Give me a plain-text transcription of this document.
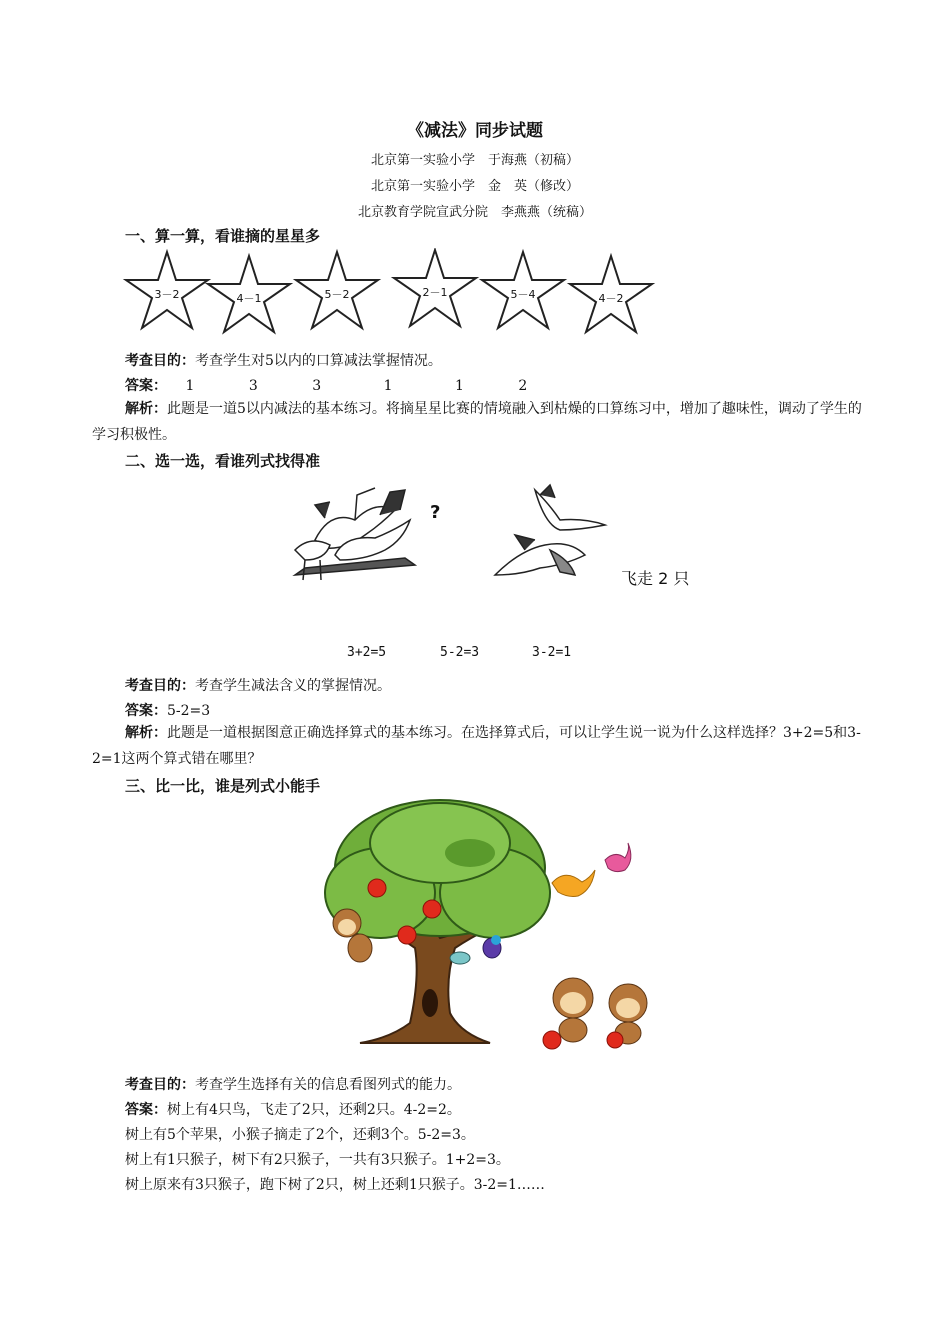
《减法》同步试题
北京第一实验小学　于海燕（初稿）
北京第一实验小学　金　英（修改）
北京教育学院宣武分院　李燕燕（统稿）
一、算一算，看谁摘的星星多
3－2	4－1	5－2	2－1	5－4	4－2
考查目的：考查学生对5以内的口算减法掌握情况。
答案： 1	3	3	1	1	2
解析：此题是一道5以内减法的基本练习。将摘星星比赛的情境融入到枯燥的口算练习中，增加了趣味性，调动了学生的学习积极性。
二、选一选，看谁列式找得准
?
飞走 2 只
3+2=5	5-2=3	3-2=1
考查目的：考查学生减法含义的掌握情况。
答案：5-2=3
解析：此题是一道根据图意正确选择算式的基本练习。在选择算式后，可以让学生说一说为什么这样选择？3+2=5和3-2=1这两个算式错在哪里？
三、比一比，谁是列式小能手
考查目的：考查学生选择有关的信息看图列式的能力。
答案：树上有4只鸟，飞走了2只，还剩2只。4-2=2。
树上有5个苹果，小猴子摘走了2个，还剩3个。5-2=3。
树上有1只猴子，树下有2只猴子，一共有3只猴子。1+2=3。
树上原来有3只猴子，跑下树了2只，树上还剩1只猴子。3-2=1……
